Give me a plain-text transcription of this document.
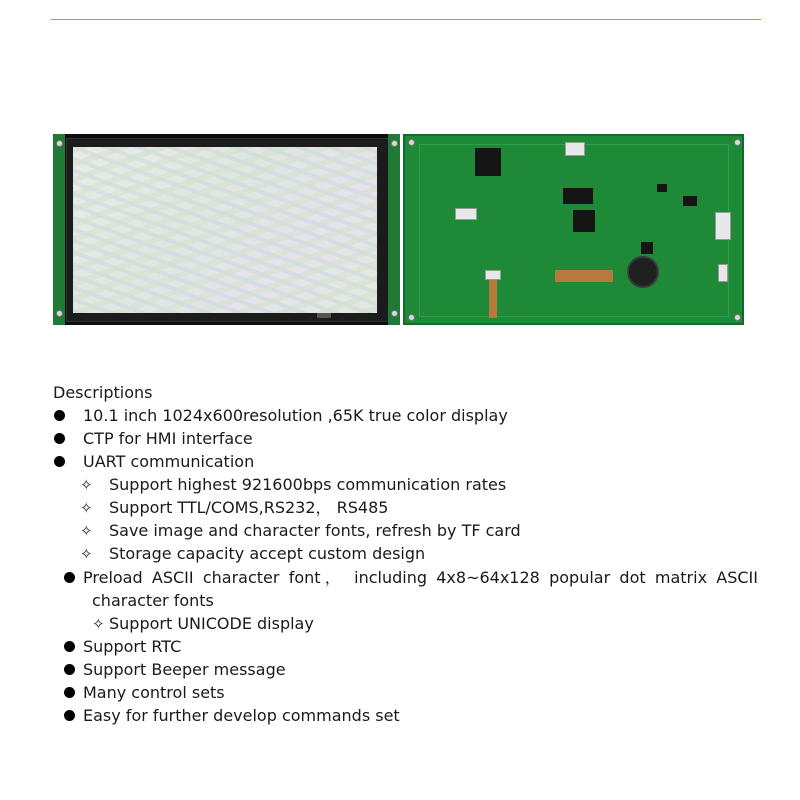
Descriptions
10.1 inch 1024x600resolution ,65K true color display
CTP for HMI interface
UART communication
✧ Support highest 921600bps communication rates
✧ Support TTL/COMS,RS232， RS485
✧ Save image and character fonts, refresh by TF card
✧ Storage capacity accept custom design
Preload ASCII character font， including 4x8~64x128 popular dot matrix ASCII
character fonts
✧ Support UNICODE display
Support RTC
Support Beeper message
Many control sets
Easy for further develop commands set
